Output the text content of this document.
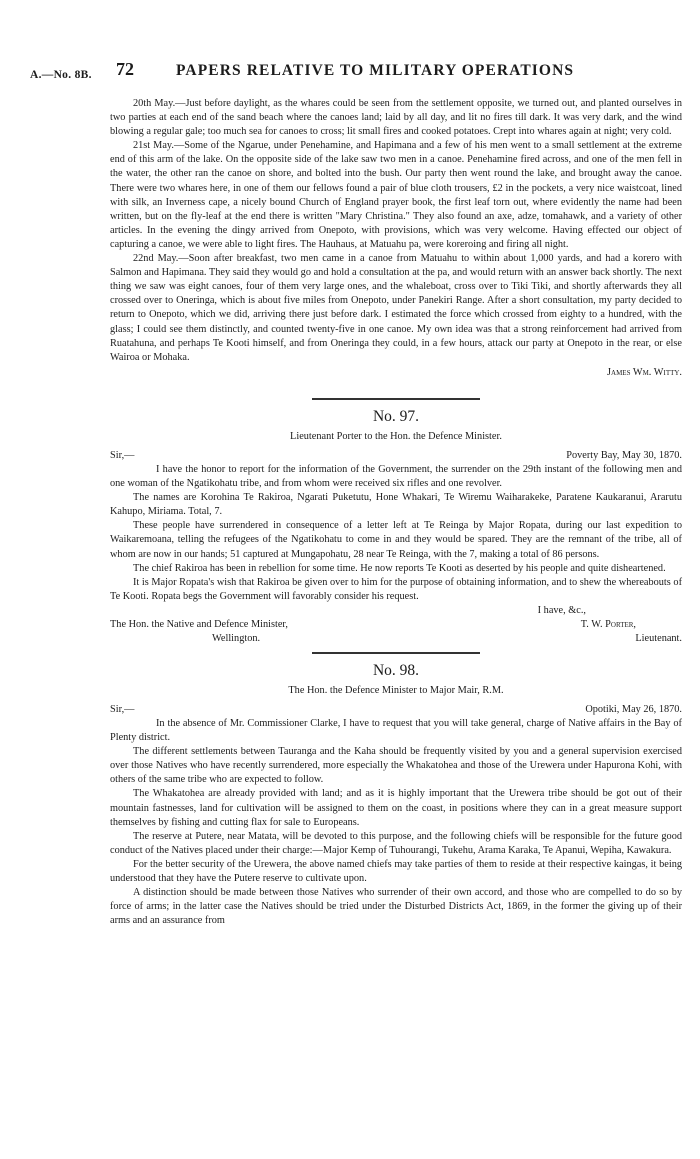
A.—No. 8B. 72	PAPERS RELATIVE TO MILITARY OPERATIONS

20th May.—Just before daylight, as the whares could be seen from the settlement opposite, we turned out, and planted ourselves in two parties at each end of the sand beach where the canoes land; laid by all day, and lit no fires till dark. It was very dark, and the wind blowing a regular gale; too much sea for canoes to cross; lit small fires and cooked potatoes. Crept into whares again at night; very cold.

21st May.—Some of the Ngarue, under Penehamine, and Hapimana and a few of his men went to a small settlement at the extreme end of this arm of the lake. On the opposite side of the lake saw two men in a canoe. Penehamine fired across, and one of the men fell in the water, the other ran the canoe on shore, and bolted into the bush. Our party then went round the lake, and brought away the canoe. There were two whares here, in one of them our fellows found a pair of blue cloth trousers, £2 in the pockets, a very nice waistcoat, lined with silk, an Inverness cape, a nicely bound Church of England prayer book, the first leaf torn out, where evidently the name had been written, but on the fly-leaf at the end there is written "Mary Christina." They also found an axe, adze, tomahawk, and a variety of other articles. In the evening the dingy arrived from Onepoto, with provisions, which was very welcome. Having effected our object of capturing a canoe, we were able to light fires. The Hauhaus, at Matuahu pa, were koreroing and firing all night.

22nd May.—Soon after breakfast, two men came in a canoe from Matuahu to within about 1,000 yards, and had a korero with Salmon and Hapimana. They said they would go and hold a consultation at the pa, and would return with an answer back shortly. The next thing we saw was eight canoes, four of them very large ones, and the whaleboat, cross over to Tiki Tiki, and shortly afterwards they all crossed over to Oneringa, which is about five miles from Onepoto, under Panekiri Range. After a short consultation, my party decided to return to Onepoto, which we did, arriving there just before dark. I estimated the force which crossed from eighty to a hundred, with the glass; I could see them distinctly, and counted twenty-five in one canoe. My own idea was that a strong reinforcement had arrived from Ruatahuna, and perhaps Te Kooti himself, and from Oneringa they could, in a few hours, attack our party at Onepoto in the rear, or else Wairoa or Mohaka.

James Wm. Witty.

No. 97.
Lieutenant Porter to the Hon. the Defence Minister.
Sir,—	Poverty Bay, May 30, 1870.

I have the honor to report for the information of the Government, the surrender on the 29th instant of the following men and one woman of the Ngatikohatu tribe, and from whom were received six rifles and one revolver.

The names are Korohina Te Rakiroa, Ngarati Puketutu, Hone Whakari, Te Wiremu Waiharakeke, Paratene Kaukaranui, Ararutu Kahupo, Miriama. Total, 7.

These people have surrendered in consequence of a letter left at Te Reinga by Major Ropata, during our last expedition to Waikaremoana, telling the refugees of the Ngatikohatu to come in and they would be spared. They are the remnant of the tribe, all of whom are now in our hands; 51 captured at Mungapohatu, 28 near Te Reinga, with the 7, making a total of 86 persons.

The chief Rakiroa has been in rebellion for some time. He now reports Te Kooti as deserted by his people and quite disheartened.

It is Major Ropata's wish that Rakiroa be given over to him for the purpose of obtaining information, and to shew the whereabouts of Te Kooti. Ropata begs the Government will favorably consider his request.

I have, &c.,
The Hon. the Native and Defence Minister,	T. W. Porter,
Wellington.	Lieutenant.
No. 98.
The Hon. the Defence Minister to Major Mair, R.M.
Sir,—	Opotiki, May 26, 1870.

In the absence of Mr. Commissioner Clarke, I have to request that you will take general, charge of Native affairs in the Bay of Plenty district.

The different settlements between Tauranga and the Kaha should be frequently visited by you and a general supervision exercised over those Natives who have recently surrendered, more especially the Whakatohea and those of the Urewera under Hapurona Kohi, with others of the same tribe who are expected to follow.

The Whakatohea are already provided with land; and as it is highly important that the Urewera tribe should be got out of their mountain fastnesses, land for cultivation will be assigned to them on the coast, in positions where they can in a great measure support themselves by fishing and cutting flax for sale to Europeans.

The reserve at Putere, near Matata, will be devoted to this purpose, and the following chiefs will be responsible for the future good conduct of the Natives placed under their charge:—Major Kemp of Tuhourangi, Tukehu, Arama Karaka, Te Apanui, Wepiha, Kawakura.

For the better security of the Urewera, the above named chiefs may take parties of them to reside at their respective kaingas, it being understood that they have the Putere reserve to cultivate upon.

A distinction should be made between those Natives who surrender of their own accord, and those who are compelled to do so by force of arms; in the latter case the Natives should be tried under the Disturbed Districts Act, 1869, in the former the giving up of their arms and an assurance from
